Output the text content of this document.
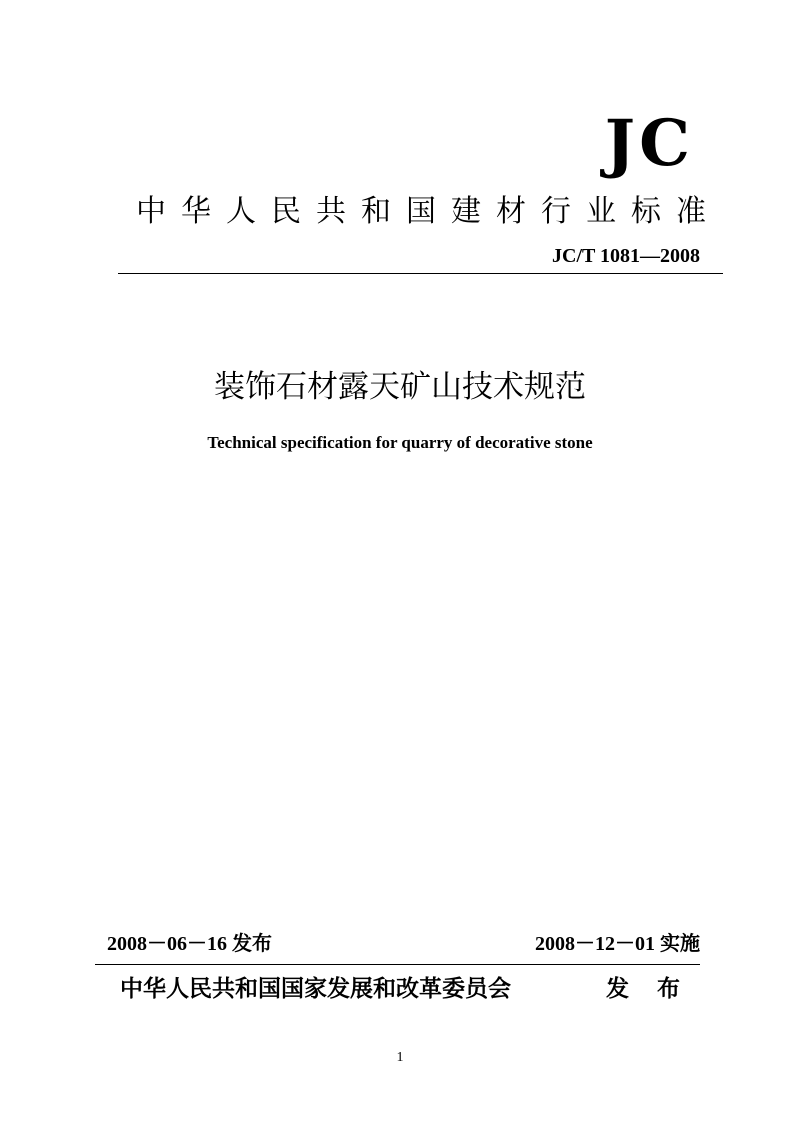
JC
中 华 人 民 共 和 国 建 材 行 业 标 准
JC/T 1081—2008
装饰石材露天矿山技术规范
Technical specification for quarry of decorative stone
2008－06－16 发布	2008－12－01 实施
中华人民共和国国家发展和改革委员会	发 布
1
